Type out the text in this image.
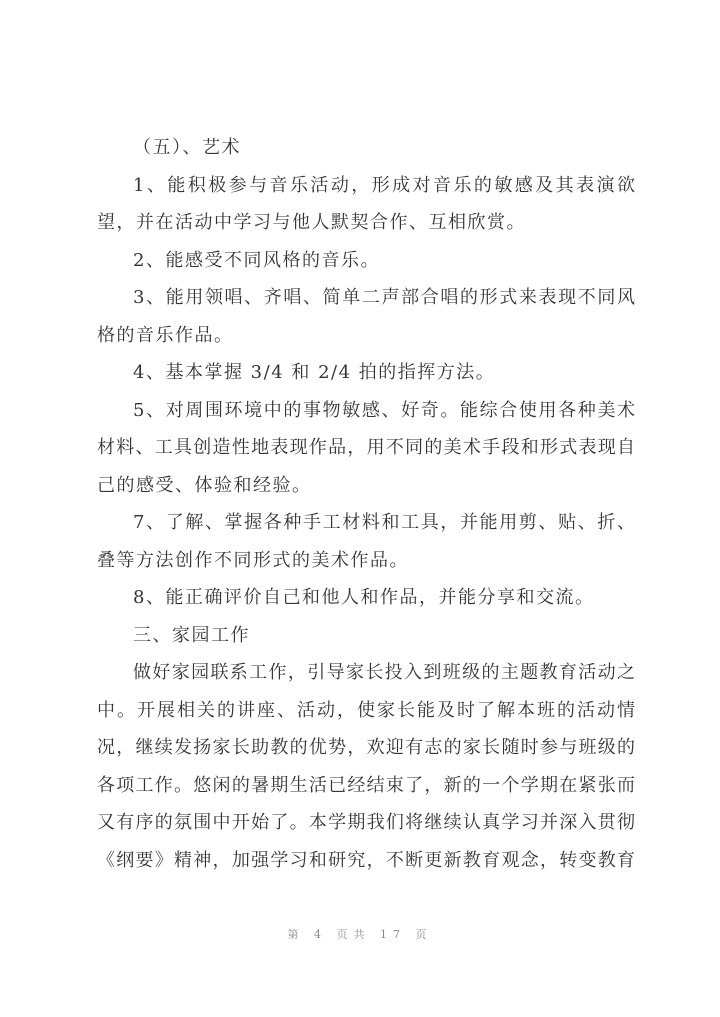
（五）、艺术
1、能积极参与音乐活动，形成对音乐的敏感及其表演欲
望，并在活动中学习与他人默契合作、互相欣赏。
2、能感受不同风格的音乐。
3、能用领唱、齐唱、简单二声部合唱的形式来表现不同风
格的音乐作品。
4、基本掌握 3/4 和 2/4 拍的指挥方法。
5、对周围环境中的事物敏感、好奇。能综合使用各种美术
材料、工具创造性地表现作品，用不同的美术手段和形式表现自
己的感受、体验和经验。
7、了解、掌握各种手工材料和工具，并能用剪、贴、折、
叠等方法创作不同形式的美术作品。
8、能正确评价自己和他人和作品，并能分享和交流。
三、家园工作
做好家园联系工作，引导家长投入到班级的主题教育活动之
中。开展相关的讲座、活动，使家长能及时了解本班的活动情
况，继续发扬家长助教的优势，欢迎有志的家长随时参与班级的
各项工作。悠闲的暑期生活已经结束了，新的一个学期在紧张而
又有序的氛围中开始了。本学期我们将继续认真学习并深入贯彻
《纲要》精神，加强学习和研究，不断更新教育观念，转变教育
第 4 页共 17 页
